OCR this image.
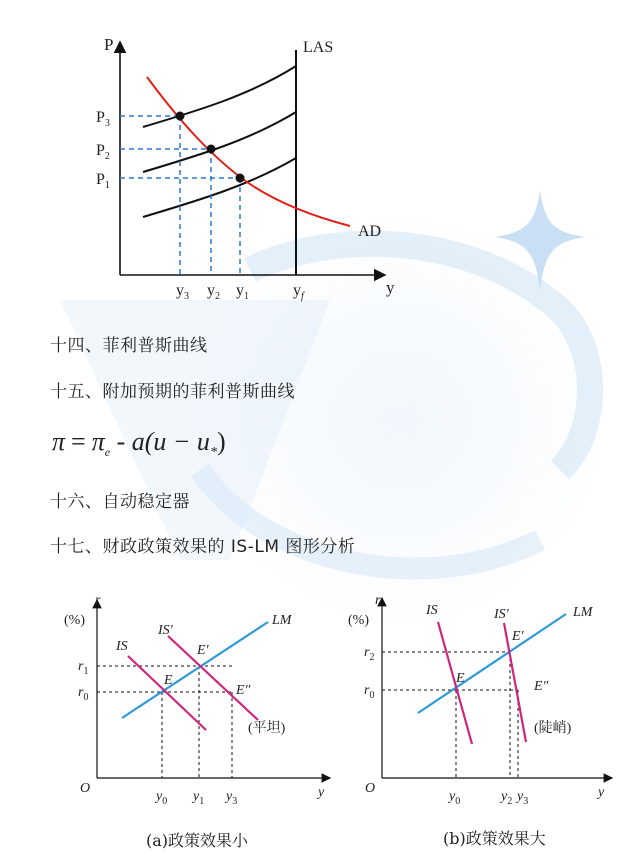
P
y
LAS
AD
$P_3$
$P_2$
$P_1$
$y_3$ $y_2$ $y_1$	$y_f$
十四、菲利普斯曲线
十五、附加预期的菲利普斯曲线
$\pi = \pi_e - a(u - u_*)$
十六、自动稳定器
十七、财政政策效果的 IS-LM 图形分析
r
(%)
O	y
IS
IS′
LM
E
E′
E″
$r_1$
$r_0$
$y_0$ $y_1$ $y_3$
(平坦)
(a)政策效果小
r
(%)
O	y
IS	IS′	LM
E
E′
E″
$r_2$
$r_0$
$y_0$	$y_2$ $y_3$
(陡峭)
(b)政策效果大
